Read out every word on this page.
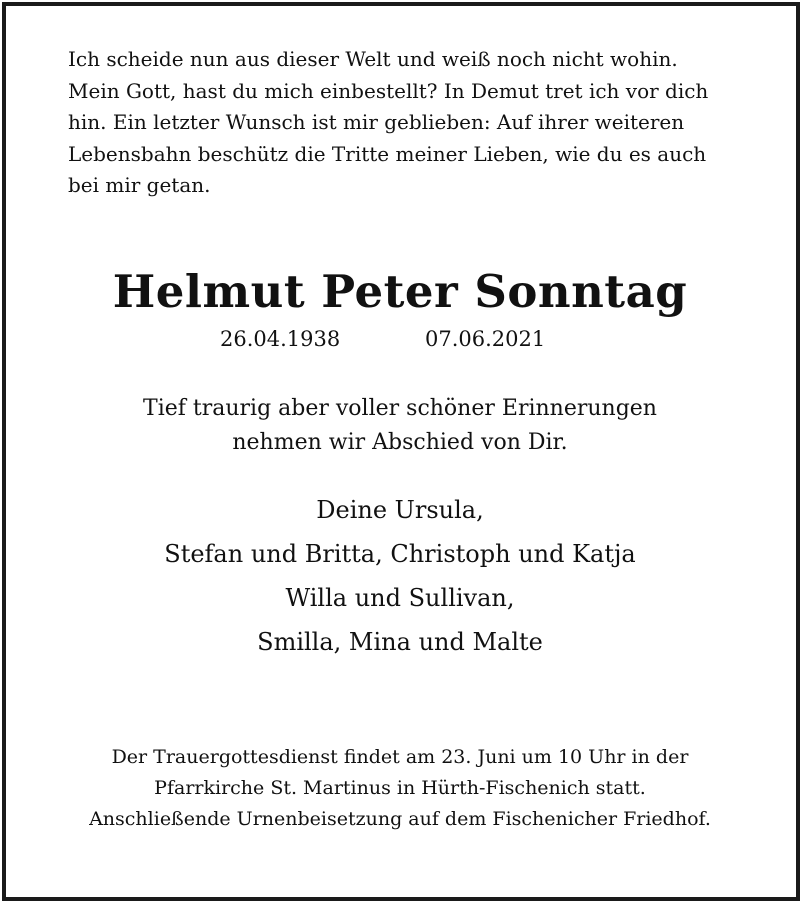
Ich scheide nun aus dieser Welt und weiß noch nicht wohin.
Mein Gott, hast du mich einbestellt? In Demut tret ich vor dich
hin. Ein letzter Wunsch ist mir geblieben: Auf ihrer weiteren
Lebensbahn beschütz die Tritte meiner Lieben, wie du es auch
bei mir getan.
Helmut Peter Sonntag
26.04.1938	07.06.2021
Tief traurig aber voller schöner Erinnerungen
nehmen wir Abschied von Dir.
Deine Ursula,
Stefan und Britta, Christoph und Katja
Willa und Sullivan,
Smilla, Mina und Malte
Der Trauergottesdienst findet am 23. Juni um 10 Uhr in der
Pfarrkirche St. Martinus in Hürth-Fischenich statt.
Anschließende Urnenbeisetzung auf dem Fischenicher Friedhof.
